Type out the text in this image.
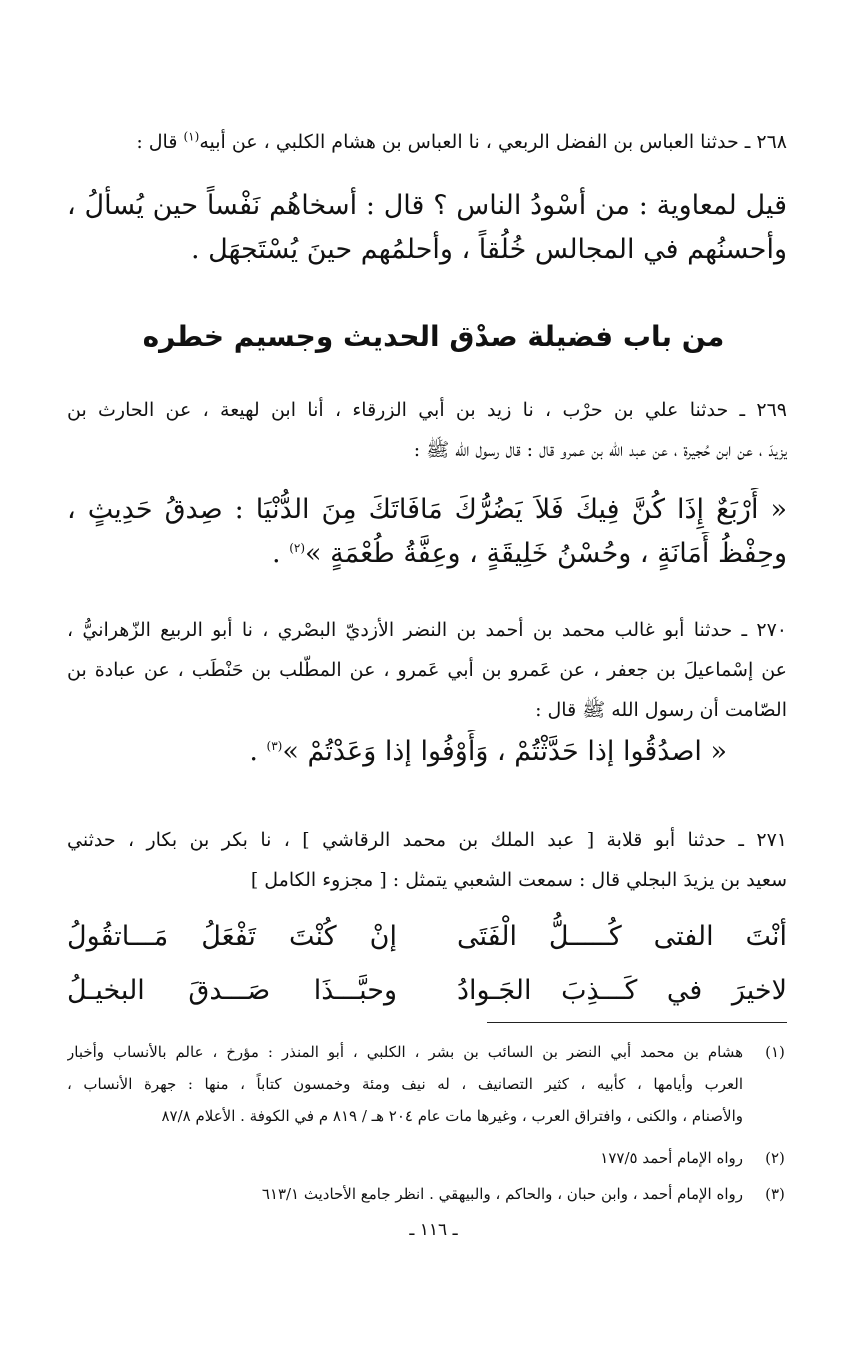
٢٦٨ ـ حدثنا العباس بن الفضل الربعي ، نا العباس بن هشام الكلبي ، عن أبيه$^{(١)}$ قال :
قيل لمعاوية : من أسْودُ الناس ؟ قال : أسخاهُم نَفْساً حين يُسألُ ،
وأحسنُهم في المجالس خُلُقاً ، وأحلمُهم حينَ يُسْتَجهَل .
من باب فضيلة صدْق الحديث وجسيم خطره
٢٦٩ ـ حدثنا علي بن حرْب ، نا زيد بن أبي الزرقاء ، أنا ابن لهيعة ، عن الحارث بن
يزيدَ ، عن ابن حُجيرة ، عن عبد الله بن عمرو قال : قال رسول الله ﷺ :
« أَرْبَعٌ إِذَا كُنَّ فِيكَ فَلاَ يَضُرُّكَ مَافَاتَكَ مِنَ الدُّنْيَا : صِدقُ حَدِيثٍ ،
وحِفْظُ أَمَانَةٍ ، وحُسْنُ خَلِيقَةٍ ، وعِفَّةُ طُعْمَةٍ »$^{(٢)}$ .
٢٧٠ ـ حدثنا أبو غالب محمد بن أحمد بن النضر الأزديّ البصْري ، نا أبو الربيع الزّهرانيُّ ،
عن إسْماعيلَ بن جعفر ، عن عَمرو بن أبي عَمرو ، عن المطّلب بن حَنْطَب ، عن عبادة بن
الصّامت أن رسول الله ﷺ قال :
« اصدُقُوا إذا حَدَّثْتُمْ ، وَأَوْفُوا إذا وَعَدْتُمْ »$^{(٣)}$ .
٢٧١ ـ حدثنا أبو قلابة [ عبد الملك بن محمد الرقاشي ] ، نا بكر بن بكار ، حدثني
سعيد بن يزيدَ البجلي قال : سمعت الشعبي يتمثل : [ مجزوء الكامل ]
أنْتَ الفتى كُـــــلُّ الْفَتَى
إنْ كُنْتَ تَفْعَلُ مَـــاتقُولُ
لاخيرَ في كَـــذِبَ الجَـوادُ
وحبَّـــذَا صَـــدقَ البخيـلُ
(١)
هشام بن محمد أبي النضر بن السائب بن بشر ، الكلبي ، أبو المنذر : مؤرخ ، عالم بالأنساب وأخبار
العرب وأيامها ، كأبيه ، كثير التصانيف ، له نيف ومئة وخمسون كتاباً ، منها : جهرة الأنساب ،
والأصنام ، والكنى ، وافتراق العرب ، وغيرها مات عام ٢٠٤ هـ / ٨١٩ م في الكوفة . الأعلام ٨٧/٨
(٢)
رواه الإمام أحمد ١٧٧/٥
(٣)
رواه الإمام أحمد ، وابن حبان ، والحاكم ، والبيهقي . انظر جامع الأحاديث ٦١٣/١
ـ ١١٦ ـ
